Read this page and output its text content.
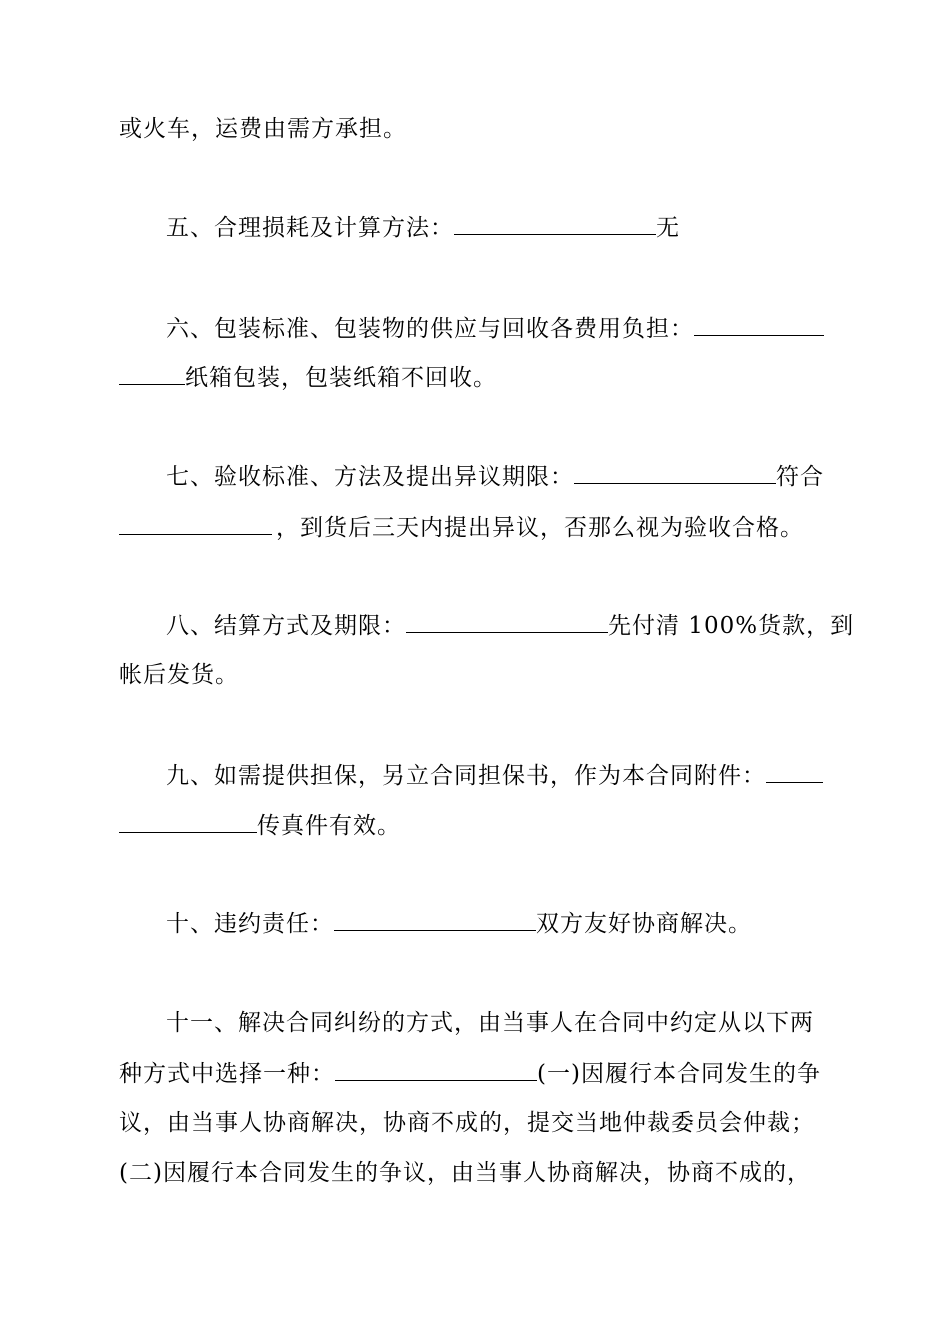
或火车，运费由需方承担。
五、合理损耗及计算方法：	无
六、包装标准、包装物的供应与回收各费用负担：
纸箱包装，包装纸箱不回收。
七、验收标准、方法及提出异议期限：	符合
，到货后三天内提出异议，否那么视为验收合格。
八、结算方式及期限：	先付清 100%货款，到
帐后发货。
九、如需提供担保，另立合同担保书，作为本合同附件：
传真件有效。
十、违约责任：	双方友好协商解决。
十一、解决合同纠纷的方式，由当事人在合同中约定从以下两
种方式中选择一种：	(一)因履行本合同发生的争
议，由当事人协商解决，协商不成的，提交当地仲裁委员会仲裁；
(二)因履行本合同发生的争议，由当事人协商解决，协商不成的，
